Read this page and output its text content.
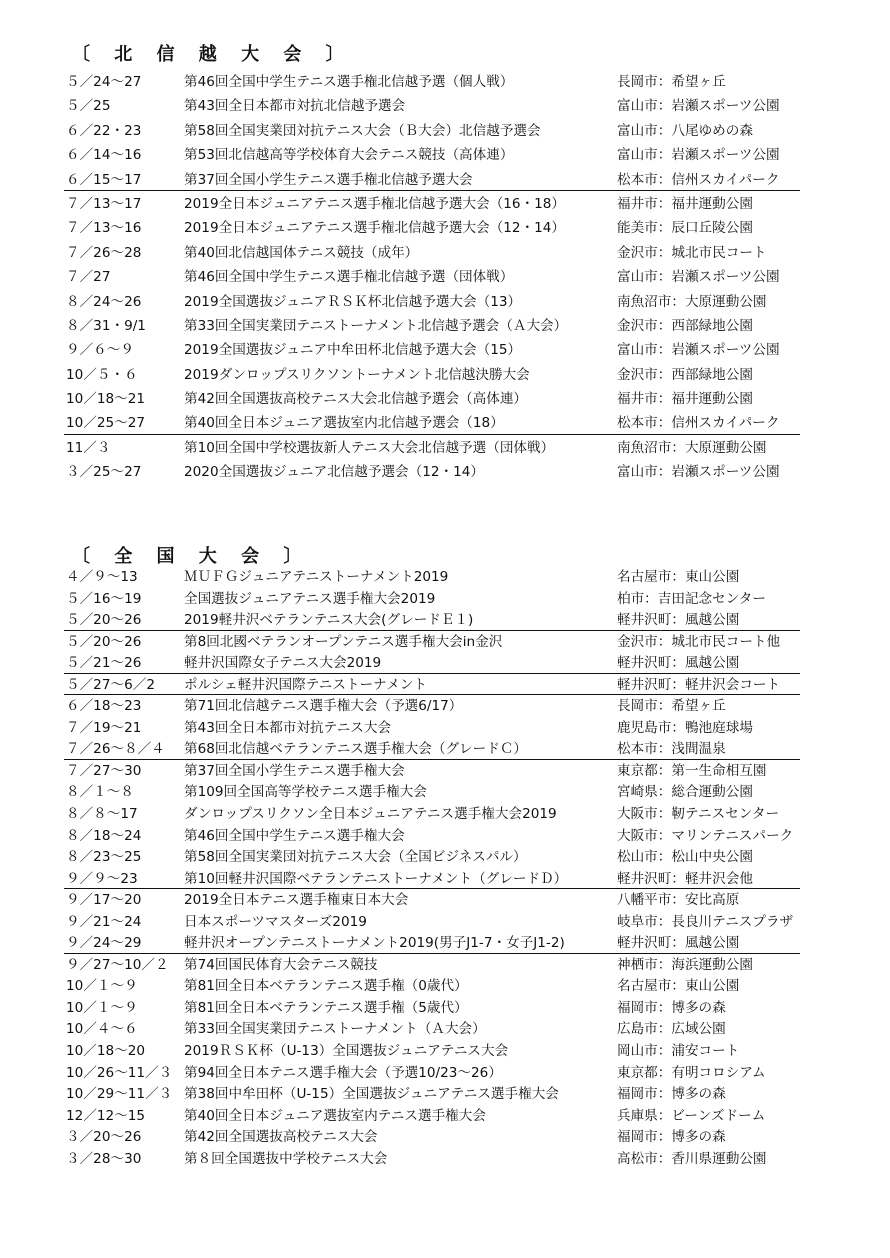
〔 北 信 越 大 会 〕
５／24～27	第46回全国中学生テニス選手権北信越予選（個人戦）	長岡市：希望ヶ丘
５／25	第43回全日本都市対抗北信越予選会	富山市：岩瀬スポーツ公園
６／22・23	第58回全国実業団対抗テニス大会（Ｂ大会）北信越予選会	富山市：八尾ゆめの森
６／14～16	第53回北信越高等学校体育大会テニス競技（高体連）	富山市：岩瀬スポーツ公園
６／15～17	第37回全国小学生テニス選手権北信越予選大会	松本市：信州スカイパーク
７／13～17	2019全日本ジュニアテニス選手権北信越予選大会（16・18）	福井市：福井運動公園
７／13～16	2019全日本ジュニアテニス選手権北信越予選大会（12・14）	能美市：辰口丘陵公園
７／26～28	第40回北信越国体テニス競技（成年）	金沢市：城北市民コート
７／27	第46回全国中学生テニス選手権北信越予選（団体戦）	富山市：岩瀬スポーツ公園
８／24～26	2019全国選抜ジュニアＲＳＫ杯北信越予選大会（13）	南魚沼市：大原運動公園
８／31・9/1	第33回全国実業団テニストーナメント北信越予選会（Ａ大会）	金沢市：西部緑地公園
９／６～９	2019全国選抜ジュニア中牟田杯北信越予選大会（15）	富山市：岩瀬スポーツ公園
10／５・６	2019ダンロップスリクソントーナメント北信越決勝大会	金沢市：西部緑地公園
10／18～21	第42回全国選抜高校テニス大会北信越予選会（高体連）	福井市：福井運動公園
10／25～27	第40回全日本ジュニア選抜室内北信越予選会（18）	松本市：信州スカイパーク
11／３	第10回全国中学校選抜新人テニス大会北信越予選（団体戦）	南魚沼市：大原運動公園
３／25～27	2020全国選抜ジュニア北信越予選会（12・14）	富山市：岩瀬スポーツ公園
〔 全 国 大 会 〕
４／９～13	ＭＵＦＧジュニアテニストーナメント2019	名古屋市：東山公園
５／16～19	全国選抜ジュニアテニス選手権大会2019	柏市：吉田記念センター
５／20～26	2019軽井沢ベテランテニス大会(グレードＥ１)	軽井沢町：風越公園
５／20～26	第8回北國ベテランオープンテニス選手権大会in金沢	金沢市：城北市民コート他
５／21～26	軽井沢国際女子テニス大会2019	軽井沢町：風越公園
５／27～6／2 ポルシェ軽井沢国際テニストーナメント	軽井沢町：軽井沢会コート
６／18～23	第71回北信越テニス選手権大会（予選6/17）	長岡市：希望ヶ丘
７／19～21	第43回全日本都市対抗テニス大会	鹿児島市：鴨池庭球場
７／26～８／４ 第68回北信越ベテランテニス選手権大会（グレードＣ）	松本市：浅間温泉
７／27～30	第37回全国小学生テニス選手権大会	東京都：第一生命相互園
８／１～８	第109回全国高等学校テニス選手権大会	宮崎県：総合運動公園
８／８～17	ダンロップスリクソン全日本ジュニアテニス選手権大会2019	大阪市：靭テニスセンター
８／18～24	第46回全国中学生テニス選手権大会	大阪市：マリンテニスパーク
８／23～25	第58回全国実業団対抗テニス大会（全国ビジネスパル）	松山市：松山中央公園
９／９～23	第10回軽井沢国際ベテランテニストーナメント（グレードＤ）	軽井沢町：軽井沢会他
９／17～20	2019全日本テニス選手権東日本大会	八幡平市：安比高原
９／21～24	日本スポーツマスターズ2019	岐阜市：長良川テニスプラザ
９／24～29	軽井沢オープンテニストーナメント2019(男子J1-7・女子J1-2)	軽井沢町：風越公園
９／27～10／２ 第74回国民体育大会テニス競技	神栖市：海浜運動公園
10／１～９	第81回全日本ベテランテニス選手権（0歳代）	名古屋市：東山公園
10／１～９	第81回全日本ベテランテニス選手権（5歳代）	福岡市：博多の森
10／４～６	第33回全国実業団テニストーナメント（Ａ大会）	広島市：広域公園
10／18～20	2019ＲＳＫ杯（U-13）全国選抜ジュニアテニス大会	岡山市：浦安コート
10／26～11／３ 第94回全日本テニス選手権大会（予選10/23～26）	東京都：有明コロシアム
10／29～11／３ 第38回中牟田杯（U-15）全国選抜ジュニアテニス選手権大会	福岡市：博多の森
12／12～15	第40回全日本ジュニア選抜室内テニス選手権大会	兵庫県：ビーンズドーム
３／20～26	第42回全国選抜高校テニス大会	福岡市：博多の森
３／28～30	第８回全国選抜中学校テニス大会	高松市：香川県運動公園
